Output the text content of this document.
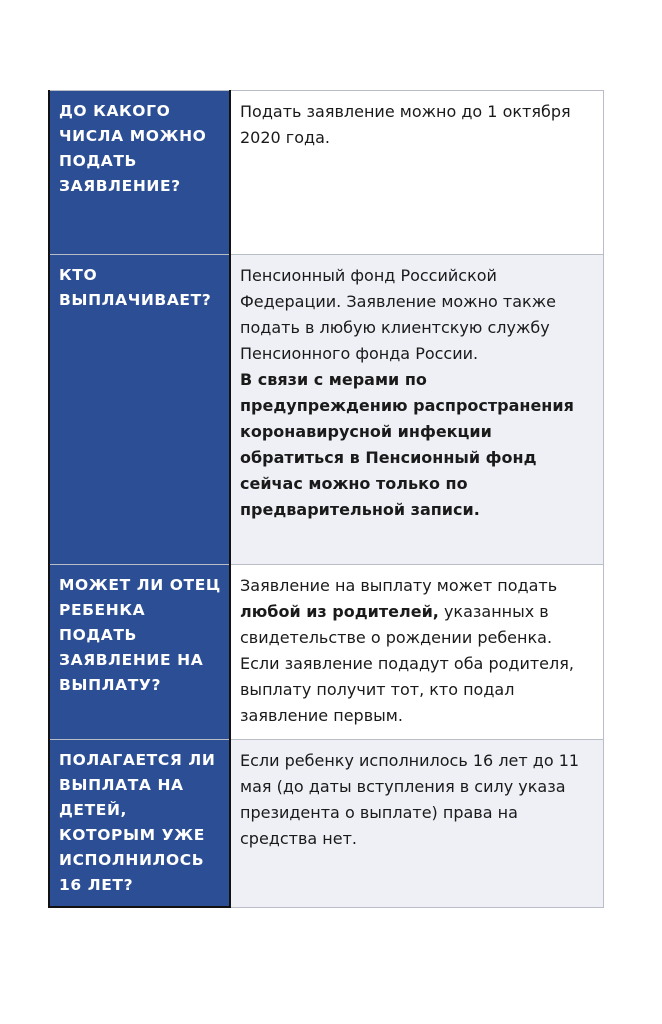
ДО КАКОГО ЧИСЛА МОЖНО ПОДАТЬ ЗАЯВЛЕНИЕ?	Подать заявление можно до 1 октября 2020 года.
КТО ВЫПЛАЧИВАЕТ?	Пенсионный фонд Российской Федерации. Заявление можно также подать в любую клиентскую службу Пенсионного фонда России.
В связи с мерами по предупреждению распространения коронавирусной инфекции обратиться в Пенсионный фонд сейчас можно только по предварительной записи.

МОЖЕТ ЛИ ОТЕЦ РЕБЕНКА ПОДАТЬ ЗАЯВЛЕНИЕ НА ВЫПЛАТУ?	Заявление на выплату может подать любой из родителей, указанных в свидетельстве о рождении ребенка. Если заявление подадут оба родителя, выплату получит тот, кто подал заявление первым.
ПОЛАГАЕТСЯ ЛИ ВЫПЛАТА НА ДЕТЕЙ, КОТОРЫМ УЖЕ ИСПОЛНИЛОСЬ 16 ЛЕТ?	Если ребенку исполнилось 16 лет до 11 мая (до даты вступления в силу указа президента о выплате) права на средства нет.
